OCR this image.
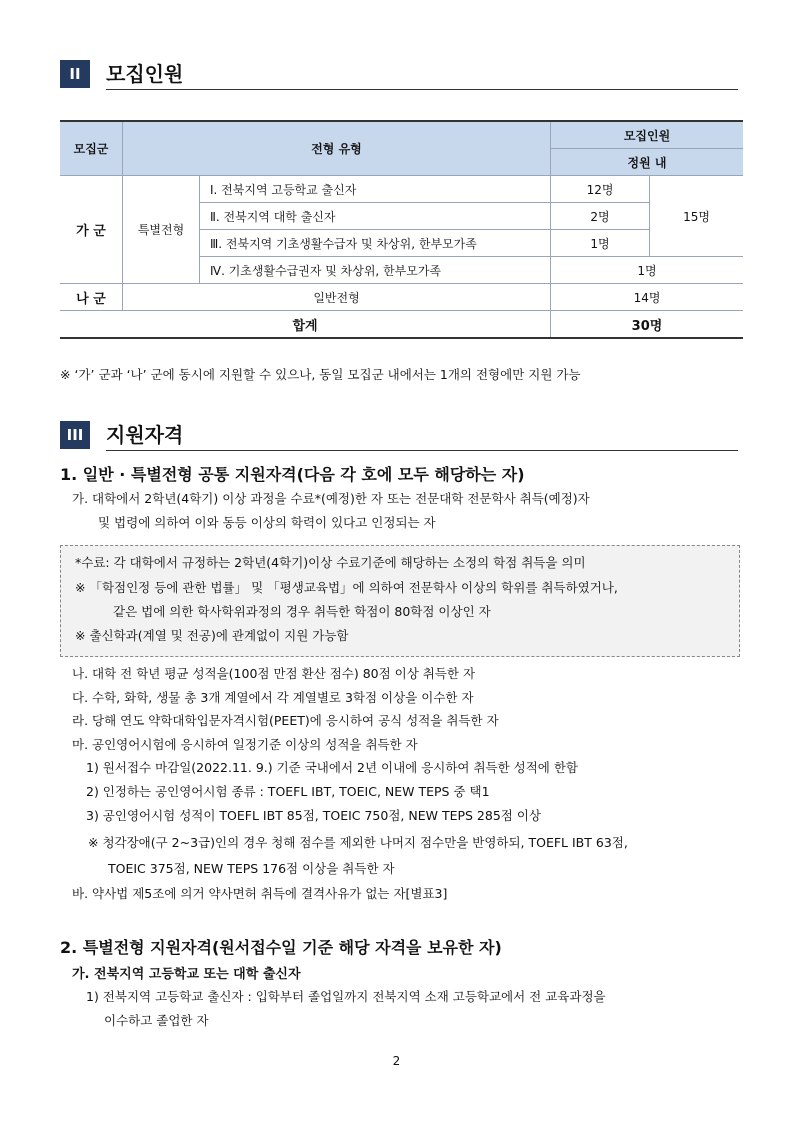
II	모집인원
모집군	전형 유형		모집인원	
			정원 내	
가 군	특별전형	Ⅰ. 전북지역 고등학교 출신자	12명	15명
		Ⅱ. 전북지역 대학 출신자	2명	
		Ⅲ. 전북지역 기초생활수급자 및 차상위, 한부모가족	1명	
		Ⅳ. 기초생활수급권자 및 차상위, 한부모가족	1명	
나 군	일반전형		14명	
합계			30명	
※ ‘가’ 군과 ‘나’ 군에 동시에 지원할 수 있으나, 동일 모집군 내에서는 1개의 전형에만 지원 가능
III	지원자격
1. 일반 · 특별전형 공통 지원자격(다음 각 호에 모두 해당하는 자)
가. 대학에서 2학년(4학기) 이상 과정을 수료*(예정)한 자 또는 전문대학 전문학사 취득(예정)자
및 법령에 의하여 이와 동등 이상의 학력이 있다고 인정되는 자
*수료: 각 대학에서 규정하는 2학년(4학기)이상 수료기준에 해당하는 소정의 학점 취득을 의미
※ 「학점인정 등에 관한 법률」 및 「평생교육법」에 의하여 전문학사 이상의 학위를 취득하였거나,
같은 법에 의한 학사학위과정의 경우 취득한 학점이 80학점 이상인 자
※ 출신학과(계열 및 전공)에 관계없이 지원 가능함
나. 대학 전 학년 평균 성적을(100점 만점 환산 점수) 80점 이상 취득한 자
다. 수학, 화학, 생물 총 3개 계열에서 각 계열별로 3학점 이상을 이수한 자
라. 당해 연도 약학대학입문자격시험(PEET)에 응시하여 공식 성적을 취득한 자
마. 공인영어시험에 응시하여 일정기준 이상의 성적을 취득한 자
1) 원서접수 마감일(2022.11. 9.) 기준 국내에서 2년 이내에 응시하여 취득한 성적에 한함
2) 인정하는 공인영어시험 종류 : TOEFL IBT, TOEIC, NEW TEPS 중 택1
3) 공인영어시험 성적이 TOEFL IBT 85점, TOEIC 750점, NEW TEPS 285점 이상
※ 청각장애(구 2~3급)인의 경우 청해 점수를 제외한 나머지 점수만을 반영하되, TOEFL IBT 63점,
TOEIC 375점, NEW TEPS 176점 이상을 취득한 자
바. 약사법 제5조에 의거 약사면허 취득에 결격사유가 없는 자[별표3]
2. 특별전형 지원자격(원서접수일 기준 해당 자격을 보유한 자)
가. 전북지역 고등학교 또는 대학 출신자
1) 전북지역 고등학교 출신자 : 입학부터 졸업일까지 전북지역 소재 고등학교에서 전 교육과정을
이수하고 졸업한 자
2
